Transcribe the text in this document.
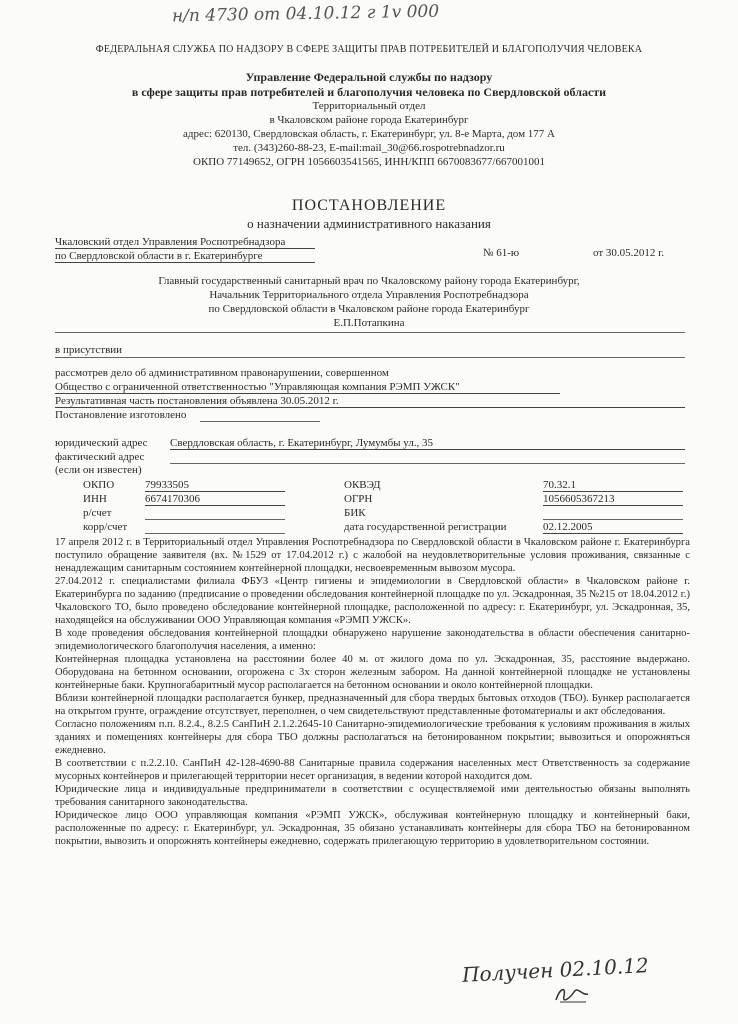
н/п 4730 от 04.10.12 г 1v 000
ФЕДЕРАЛЬНАЯ СЛУЖБА ПО НАДЗОРУ В СФЕРЕ ЗАЩИТЫ ПРАВ ПОТРЕБИТЕЛЕЙ И БЛАГОПОЛУЧИЯ ЧЕЛОВЕКА
Управление Федеральной службы по надзору
в сфере защиты прав потребителей и благополучия человека по Свердловской области
Территориальный отдел
в Чкаловском районе города Екатеринбург
адрес: 620130, Свердловская область, г. Екатеринбург, ул. 8-е Марта, дом 177 А
тел. (343)260-88-23, E-mail:mail_30@66.rospotrebnadzor.ru
ОКПО 77149652, ОГРН 1056603541565, ИНН/КПП 6670083677/667001001
ПОСТАНОВЛЕНИЕ
о назначении административного наказания
Чкаловский отдел Управления Роспотребнадзора
по Свердловской области в г. Екатеринбурге	№ 61-ю	от 30.05.2012 г.
Главный государственный санитарный врач по Чкаловскому району города Екатеринбург,
Начальник Территориального отдела Управления Роспотребнадзора
по Свердловской области в Чкаловском районе города Екатеринбург
Е.П.Потапкина
в присутствии
рассмотрев дело об административном правонарушении, совершенном
Общество с ограниченной ответственностью "Управляющая компания РЭМП УЖСК"
Результативная часть постановления объявлена 30.05.2012 г.
Постановление изготовлено
юридический адрес Свердловская область, г. Екатеринбург, Лумумбы ул., 35
фактический адрес
(если он известен)
ОКПО	79933505	ОКВЭД	70.32.1
ИНН	6674170306	ОГРН	1056605367213
р/счет	БИК
корр/счет	дата государственной регистрации	02.12.2005

17 апреля 2012 г. в Территориальный отдел Управления Роспотребнадзора по Свердловской области в Чкаловском районе г. Екатеринбурга поступило обращение заявителя (вх. №1529 от 17.04.2012 г.) с жалобой на неудовлетворительные условия проживания, связанные с ненадлежащим санитарным состоянием контейнерной площадки, несвоевременным вывозом мусора.

27.04.2012 г. специалистами филиала ФБУЗ «Центр гигиены и эпидемиологии в Свердловской области» в Чкаловском районе г. Екатеринбурга по заданию (предписание о проведении обследования контейнерной площадке по ул. Эскадронная, 35 №215 от 18.04.2012 г.) Чкаловского ТО, было проведено обследование контейнерной площадке, расположенной по адресу: г. Екатеринбург, ул. Эскадронная, 35, находящейся на обслуживании ООО Управляющая компания «РЭМП УЖСК».

В ходе проведения обследования контейнерной площадки обнаружено нарушение законодательства в области обеспечения санитарно-эпидемиологического благополучия населения, а именно:

Контейнерная площадка установлена на расстоянии более 40 м. от жилого дома по ул. Эскадронная, 35, расстояние выдержано. Оборудована на бетонном основании, огорожена с 3х сторон железным забором. На данной контейнерной площадке не установлены контейнерные баки. Крупногабаритный мусор располагается на бетонном основании и около контейнерной площадки.

Вблизи контейнерной площадки располагается бункер, предназначенный для сбора твердых бытовых отходов (ТБО). Бункер располагается на открытом грунте, ограждение отсутствует, переполнен, о чем свидетельствуют представленные фотоматериалы и акт обследования.

Согласно положениям п.п. 8.2.4., 8.2.5 СанПиН 2.1.2.2645-10 Санитарно-эпидемиологические требования к условиям проживания в жилых зданиях и помещениях контейнеры для сбора ТБО должны располагаться на бетонированном покрытии; вывозиться и опорожняться ежедневно.

В соответствии с п.2.2.10. СанПиН 42-128-4690-88 Санитарные правила содержания населенных мест Ответственность за содержание мусорных контейнеров и прилегающей территории несет организация, в ведении которой находится дом.

Юридические лица и индивидуальные предприниматели в соответствии с осуществляемой ими деятельностью обязаны выполнять требования санитарного законодательства.

Юридическое лицо ООО управляющая компания «РЭМП УЖСК», обслуживая контейнерную площадку и контейнерный баки, расположенные по адресу: г. Екатеринбург, ул. Эскадронная, 35 обязано устанавливать контейнеры для сбора ТБО на бетонированном покрытии, вывозить и опорожнять контейнеры ежедневно, содержать прилегающую территорию в удовлетворительном состоянии.

Получен 02.10.12
